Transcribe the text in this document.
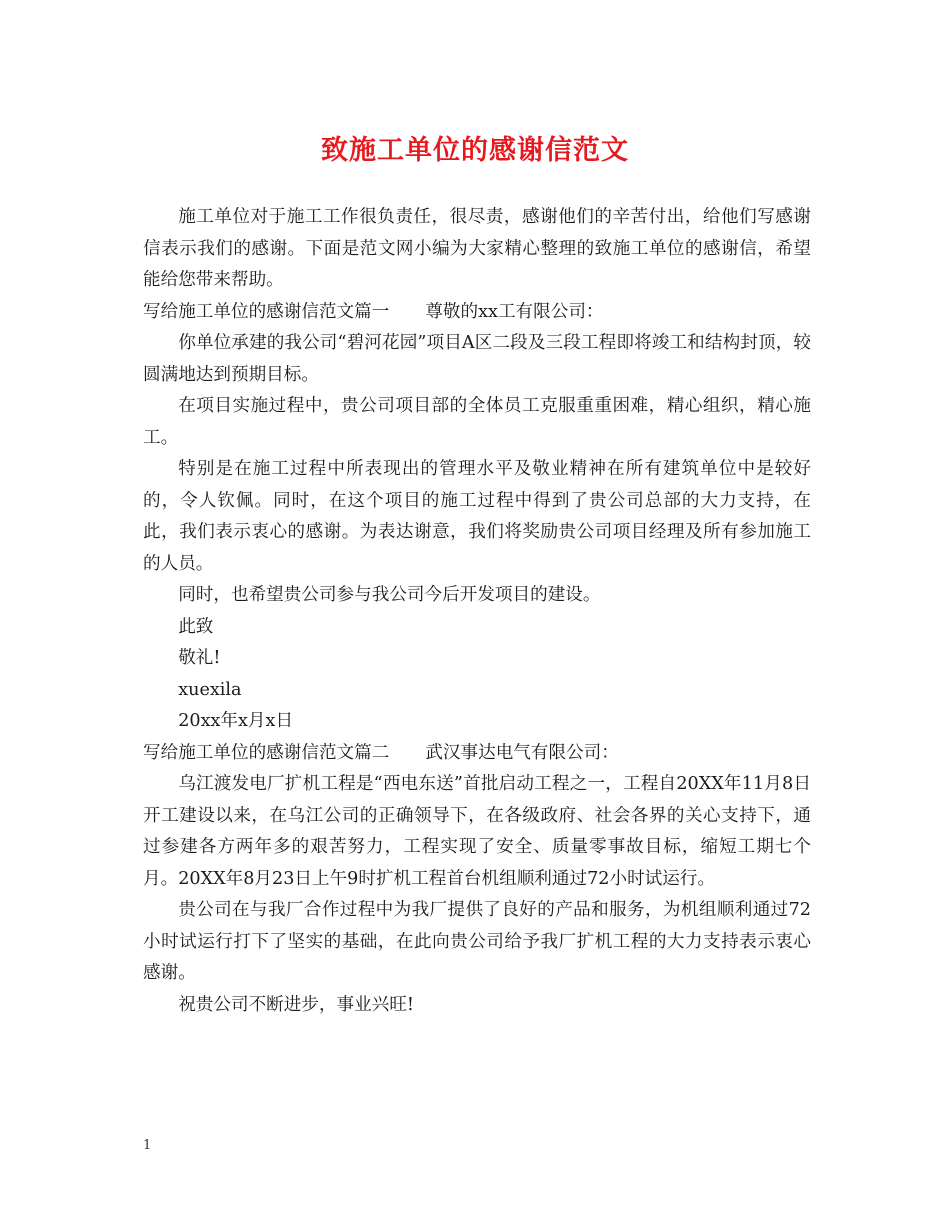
致施工单位的感谢信范文

施工单位对于施工工作很负责任，很尽责，感谢他们的辛苦付出，给他们写感谢信表示我们的感谢。下面是范文网小编为大家精心整理的致施工单位的感谢信，希望能给您带来帮助。

写给施工单位的感谢信范文篇一 尊敬的xx工有限公司：

你单位承建的我公司“碧河花园”项目A区二段及三段工程即将竣工和结构封顶，较圆满地达到预期目标。

在项目实施过程中，贵公司项目部的全体员工克服重重困难，精心组织，精心施工。

特别是在施工过程中所表现出的管理水平及敬业精神在所有建筑单位中是较好的，令人钦佩。同时，在这个项目的施工过程中得到了贵公司总部的大力支持，在此，我们表示衷心的感谢。为表达谢意，我们将奖励贵公司项目经理及所有参加施工的人员。

同时，也希望贵公司参与我公司今后开发项目的建设。

此致

敬礼!

xuexila

20xx年x月x日

写给施工单位的感谢信范文篇二 武汉事达电气有限公司：

乌江渡发电厂扩机工程是“西电东送”首批启动工程之一，工程自20XX年11月8日开工建设以来，在乌江公司的正确领导下，在各级政府、社会各界的关心支持下，通过参建各方两年多的艰苦努力，工程实现了安全、质量零事故目标，缩短工期七个月。20XX年8月23日上午9时扩机工程首台机组顺利通过72小时试运行。

贵公司在与我厂合作过程中为我厂提供了良好的产品和服务，为机组顺利通过72小时试运行打下了坚实的基础，在此向贵公司给予我厂扩机工程的大力支持表示衷心感谢。

祝贵公司不断进步，事业兴旺!

1
